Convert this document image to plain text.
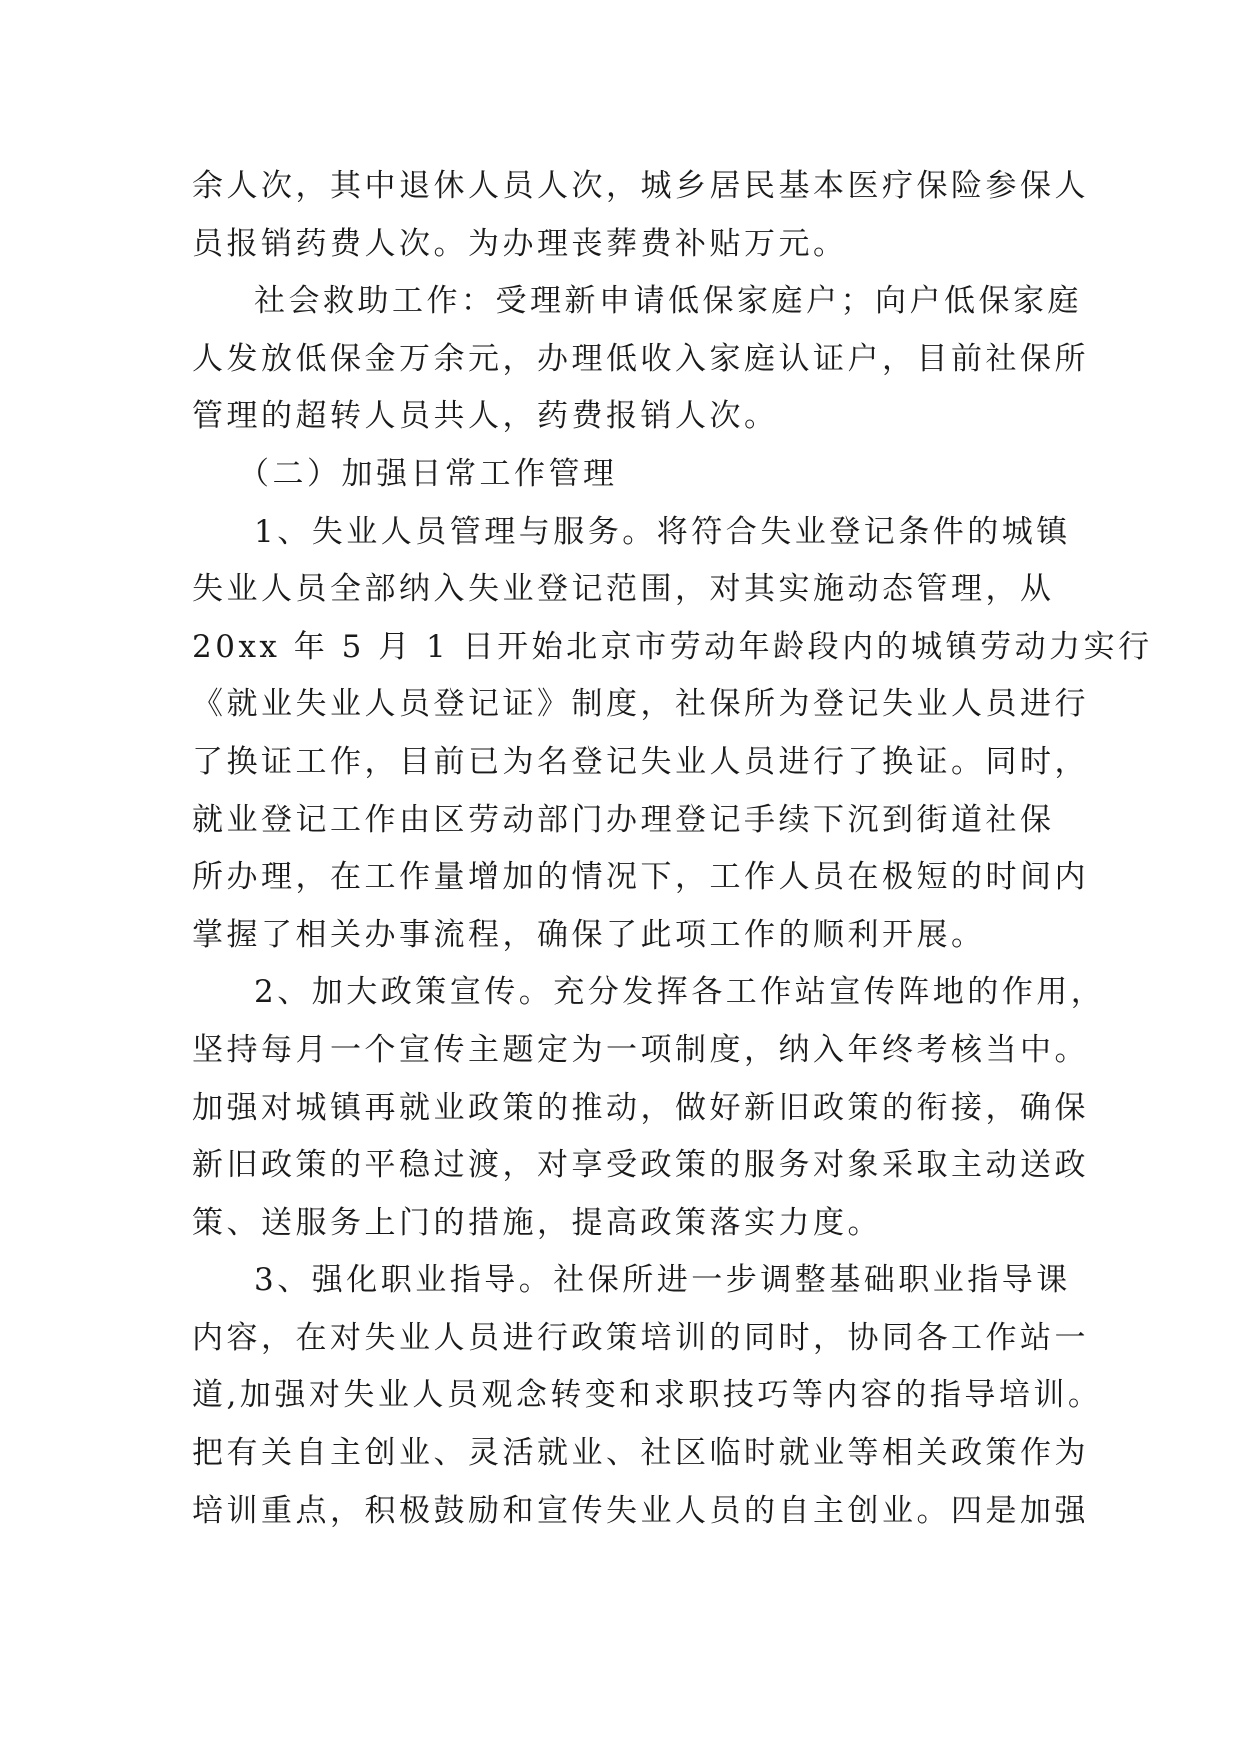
余人次，其中退休人员人次，城乡居民基本医疗保险参保人
员报销药费人次。为办理丧葬费补贴万元。
社会救助工作：受理新申请低保家庭户；向户低保家庭
人发放低保金万余元，办理低收入家庭认证户，目前社保所
管理的超转人员共人，药费报销人次。
（二）加强日常工作管理
1、失业人员管理与服务。将符合失业登记条件的城镇
失业人员全部纳入失业登记范围，对其实施动态管理，从
20xx 年 5 月 1 日开始北京市劳动年龄段内的城镇劳动力实行
《就业失业人员登记证》制度，社保所为登记失业人员进行
了换证工作，目前已为名登记失业人员进行了换证。同时，
就业登记工作由区劳动部门办理登记手续下沉到街道社保
所办理，在工作量增加的情况下，工作人员在极短的时间内
掌握了相关办事流程，确保了此项工作的顺利开展。
2、加大政策宣传。充分发挥各工作站宣传阵地的作用，
坚持每月一个宣传主题定为一项制度，纳入年终考核当中。
加强对城镇再就业政策的推动，做好新旧政策的衔接，确保
新旧政策的平稳过渡，对享受政策的服务对象采取主动送政
策、送服务上门的措施，提高政策落实力度。
3、强化职业指导。社保所进一步调整基础职业指导课
内容，在对失业人员进行政策培训的同时，协同各工作站一
道,加强对失业人员观念转变和求职技巧等内容的指导培训。
把有关自主创业、灵活就业、社区临时就业等相关政策作为
培训重点，积极鼓励和宣传失业人员的自主创业。四是加强
